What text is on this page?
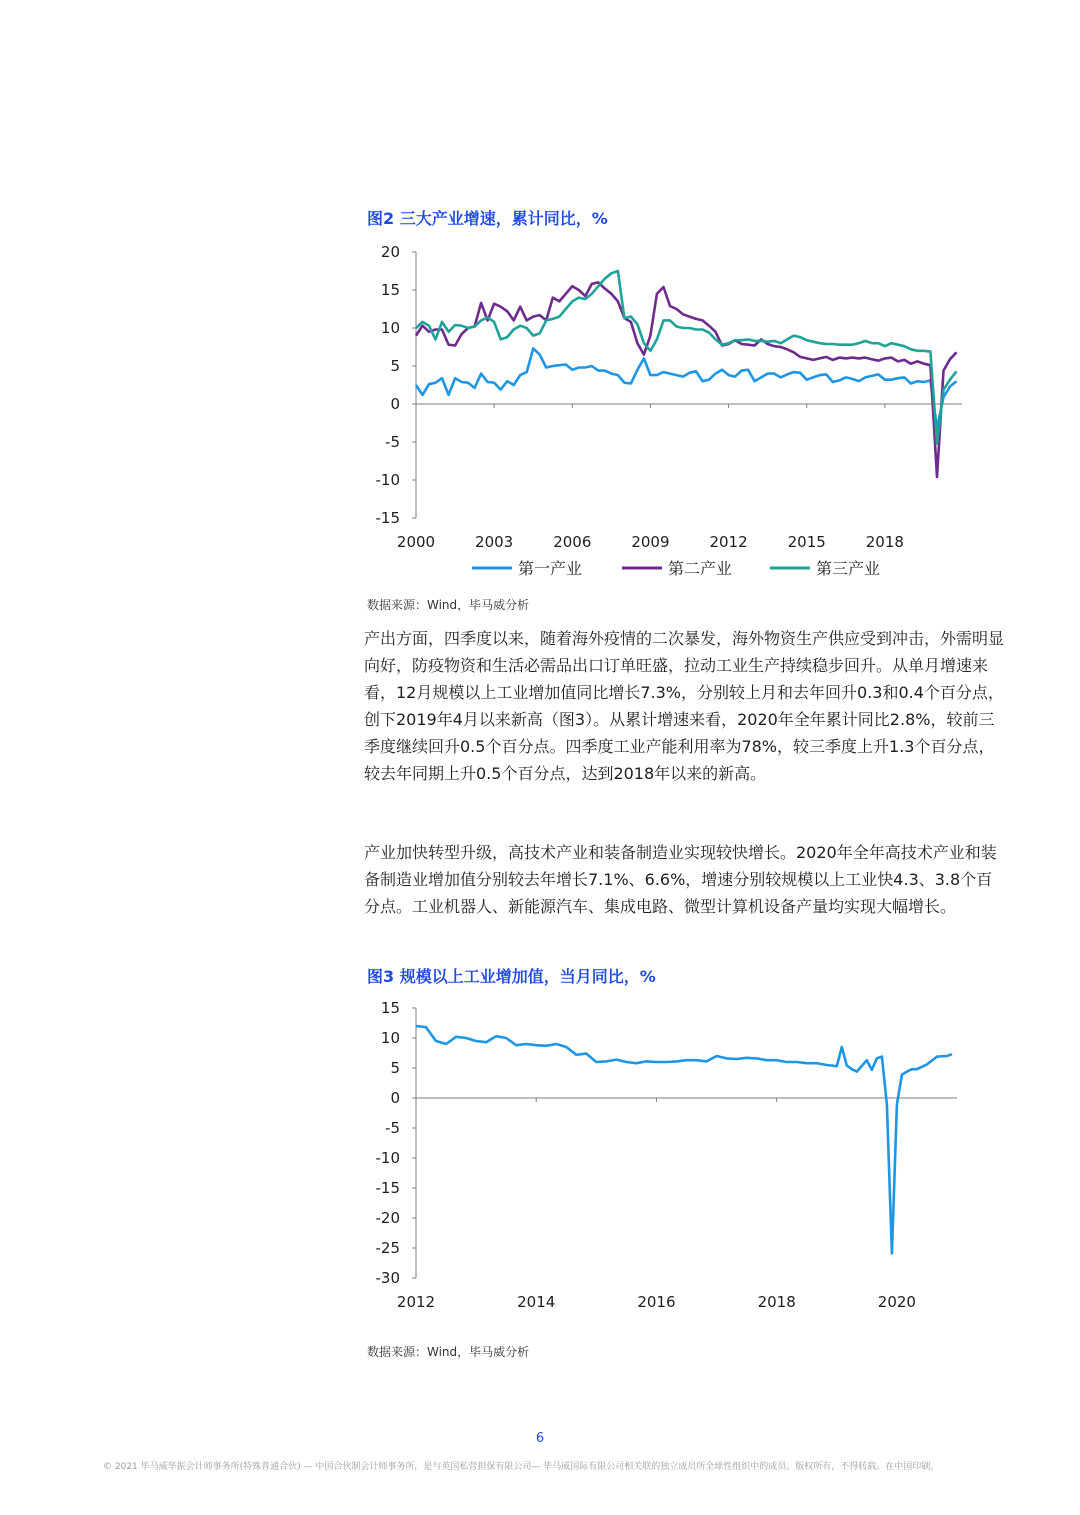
图2 三大产业增速，累计同比，%

20
15
10
5
0
-5
-10
-15
2000	2003	2006	2009	2012	2015	2018
第一产业	第二产业	第三产业

数据来源：Wind，毕马威分析

产出方面，四季度以来，随着海外疫情的二次暴发，海外物资生产供应受到冲击，外需明显向好，防疫物资和生活必需品出口订单旺盛，拉动工业生产持续稳步回升。从单月增速来看，12月规模以上工业增加值同比增长7.3%，分别较上月和去年回升0.3和0.4个百分点，创下2019年4月以来新高（图3）。从累计增速来看，2020年全年累计同比2.8%，较前三季度继续回升0.5个百分点。四季度工业产能利用率为78%，较三季度上升1.3个百分点，较去年同期上升0.5个百分点，达到2018年以来的新高。

产业加快转型升级，高技术产业和装备制造业实现较快增长。2020年全年高技术产业和装备制造业增加值分别较去年增长7.1%、6.6%，增速分别较规模以上工业快4.3、3.8个百分点。工业机器人、新能源汽车、集成电路、微型计算机设备产量均实现大幅增长。

图3 规模以上工业增加值，当月同比，%

15
10
5
0
-5
-10
-15
-20
-25
-30
2012	2014	2016	2018	2020

数据来源：Wind，毕马威分析

6

© 2021 毕马威华振会计师事务所(特殊普通合伙) — 中国合伙制会计师事务所，是与英国私营担保有限公司— 毕马威国际有限公司相关联的独立成员所全球性组织中的成员。版权所有，不得转载。在中国印刷。
